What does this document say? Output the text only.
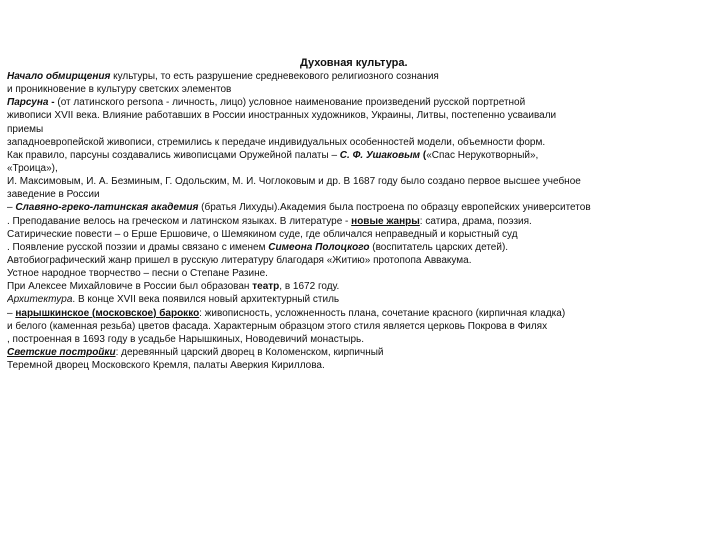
Духовная культура.
Начало обмирщения культуры, то есть разрушение средневекового религиозного сознания
и проникновение в культуру светских элементов
Парсуна - (от латинского persona - личность, лицо) условное наименование произведений русской портретной
живописи XVII века. Влияние работавших в России иностранных художников, Украины, Литвы, постепенно усваивали
приемы
западноевропейской живописи, стремились к передаче индивидуальных особенностей модели, объемности форм.
Как правило, парсуны создавались живописцами Оружейной палаты – С. Ф. Ушаковым («Спас Нерукотворный»,
«Троица»),
И. Максимовым, И. А. Безминым, Г. Одольским, М. И. Чоглоковым и др. В 1687 году было создано первое высшее учебное
заведение в России
– Славяно-греко-латинская академия (братья Лихуды).Академия была построена по образцу европейских университетов
. Преподавание велось на греческом и латинском языках. В литературе - новые жанры: сатира, драма, поэзия.
Сатирические повести – о Ерше Ершовиче, о Шемякином суде, где обличался неправедный и корыстный суд
. Появление русской поэзии и драмы связано с именем Симеона Полоцкого (воспитатель царских детей).
Автобиографический жанр пришел в русскую литературу благодаря «Житию» протопопа Аввакума.
Устное народное творчество – песни о Степане Разине.
При Алексее Михайловиче в России был образован театр, в 1672 году.
Архитектура. В конце XVII века появился новый архитектурный стиль
– нарышкинское (московское) барокко: живописность, усложненность плана, сочетание красного (кирпичная кладка)
и белого (каменная резьба) цветов фасада. Характерным образцом этого стиля является церковь Покрова в Филях
, построенная в 1693 году в усадьбе Нарышкиных, Новодевичий монастырь.
Светские постройки: деревянный царский дворец в Коломенском, кирпичный
Теремной дворец Московского Кремля, палаты Аверкия Кириллова.
